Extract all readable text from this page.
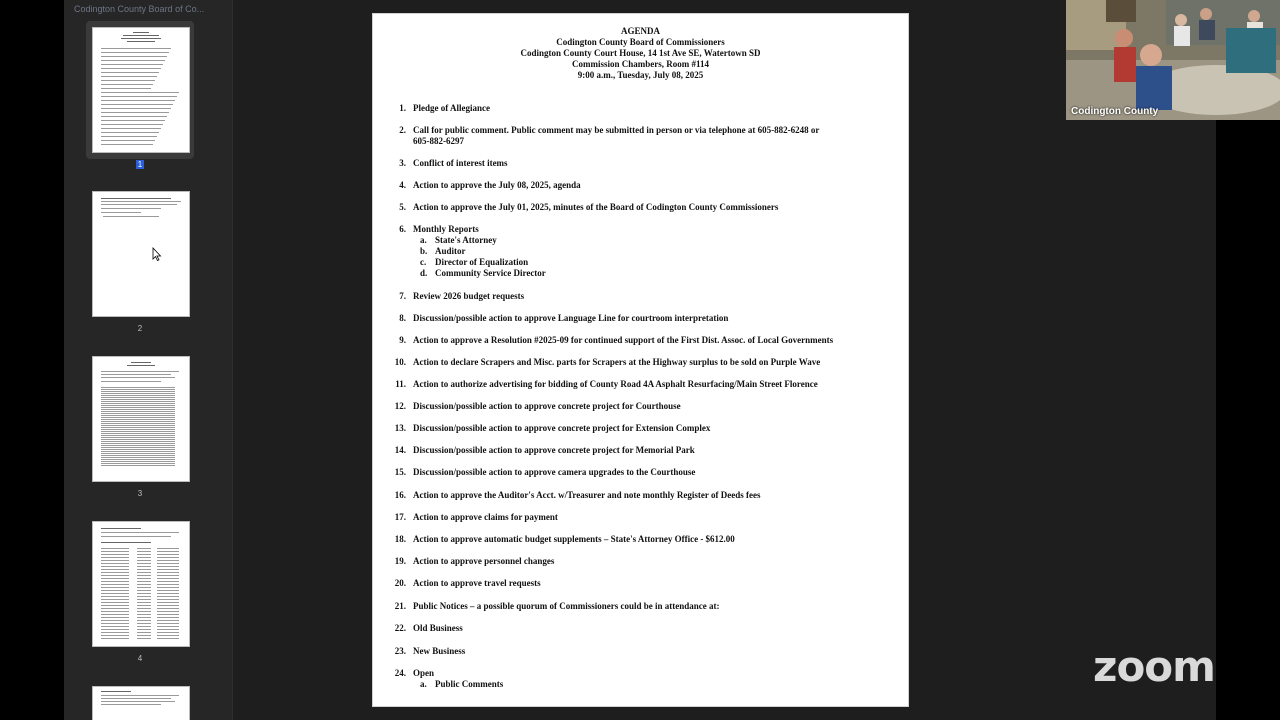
Codington County Board of Co...
1
2
3
4
AGENDA
Codington County Board of Commissioners
Codington County Court House, 14 1st Ave SE, Watertown SD
Commission Chambers, Room #114
9:00 a.m., Tuesday, July 08, 2025
1. Pledge of Allegiance
2. Call for public comment. Public comment may be submitted in person or via telephone at 605-882-6248 or
605-882-6297
3. Conflict of interest items
4. Action to approve the July 08, 2025, agenda
5. Action to approve the July 01, 2025, minutes of the Board of Codington County Commissioners
6. Monthly Reports
7. Review 2026 budget requests
8. Discussion/possible action to approve Language Line for courtroom interpretation
9. Action to approve a Resolution #2025-09 for continued support of the First Dist. Assoc. of Local Governments
10. Action to declare Scrapers and Misc. parts for Scrapers at the Highway surplus to be sold on Purple Wave
11. Action to authorize advertising for bidding of County Road 4A Asphalt Resurfacing/Main Street Florence
12. Discussion/possible action to approve concrete project for Courthouse
13. Discussion/possible action to approve concrete project for Extension Complex
14. Discussion/possible action to approve concrete project for Memorial Park
15. Discussion/possible action to approve camera upgrades to the Courthouse
16. Action to approve the Auditor's Acct. w/Treasurer and note monthly Register of Deeds fees
17. Action to approve claims for payment
18. Action to approve automatic budget supplements – State's Attorney Office - $612.00
19. Action to approve personnel changes
20. Action to approve travel requests
21. Public Notices – a possible quorum of Commissioners could be in attendance at:
22. Old Business
23. New Business
24. Open
a. State's Attorney
b. Auditor
c. Director of Equalization
d. Community Service Director
a. Public Comments
Codington County
zoom
